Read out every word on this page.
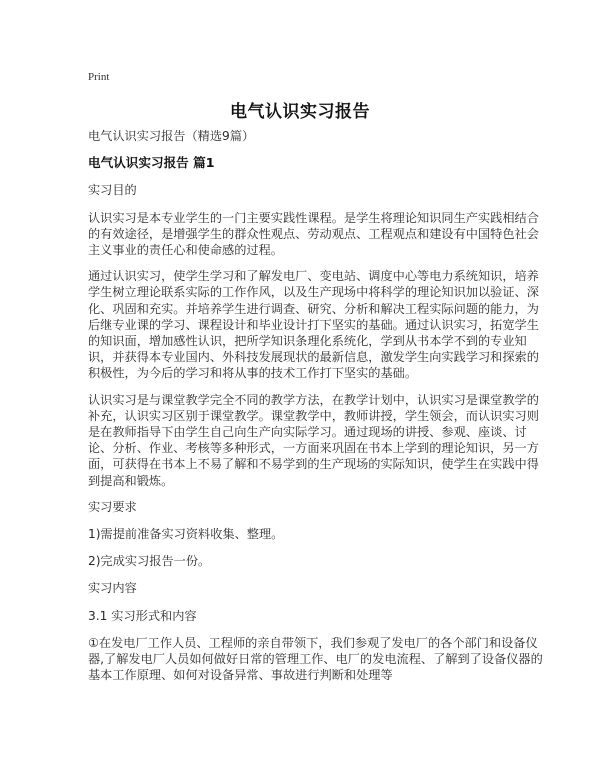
Print
电气认识实习报告
电气认识实习报告（精选9篇）
电气认识实习报告 篇1
实习目的
认识实习是本专业学生的一门主要实践性课程。是学生将理论知识同生产实践相结合的有效途径，是增强学生的群众性观点、劳动观点、工程观点和建设有中国特色社会主义事业的责任心和使命感的过程。
通过认识实习，使学生学习和了解发电厂、变电站、调度中心等电力系统知识，培养学生树立理论联系实际的工作作风，以及生产现场中将科学的理论知识加以验证、深化、巩固和充实。并培养学生进行调查、研究、分析和解决工程实际问题的能力，为后继专业课的学习、课程设计和毕业设计打下坚实的基础。通过认识实习，拓宽学生的知识面，增加感性认识，把所学知识条理化系统化，学到从书本学不到的专业知识，并获得本专业国内、外科技发展现状的最新信息，激发学生向实践学习和探索的积极性，为今后的学习和将从事的技术工作打下坚实的基础。
认识实习是与课堂教学完全不同的教学方法，在教学计划中，认识实习是课堂教学的补充，认识实习区别于课堂教学。课堂教学中，教师讲授，学生领会，而认识实习则是在教师指导下由学生自己向生产向实际学习。通过现场的讲授、参观、座谈、讨论、分析、作业、考核等多种形式，一方面来巩固在书本上学到的理论知识，另一方面，可获得在书本上不易了解和不易学到的生产现场的实际知识，使学生在实践中得到提高和锻炼。
实习要求
1)需提前准备实习资料收集、整理。
2)完成实习报告一份。
实习内容
3.1 实习形式和内容
①在发电厂工作人员、工程师的亲自带领下，我们参观了发电厂的各个部门和设备仪器,了解发电厂人员如何做好日常的管理工作、电厂的发电流程、了解到了设备仪器的基本工作原理、如何对设备异常、事故进行判断和处理等
